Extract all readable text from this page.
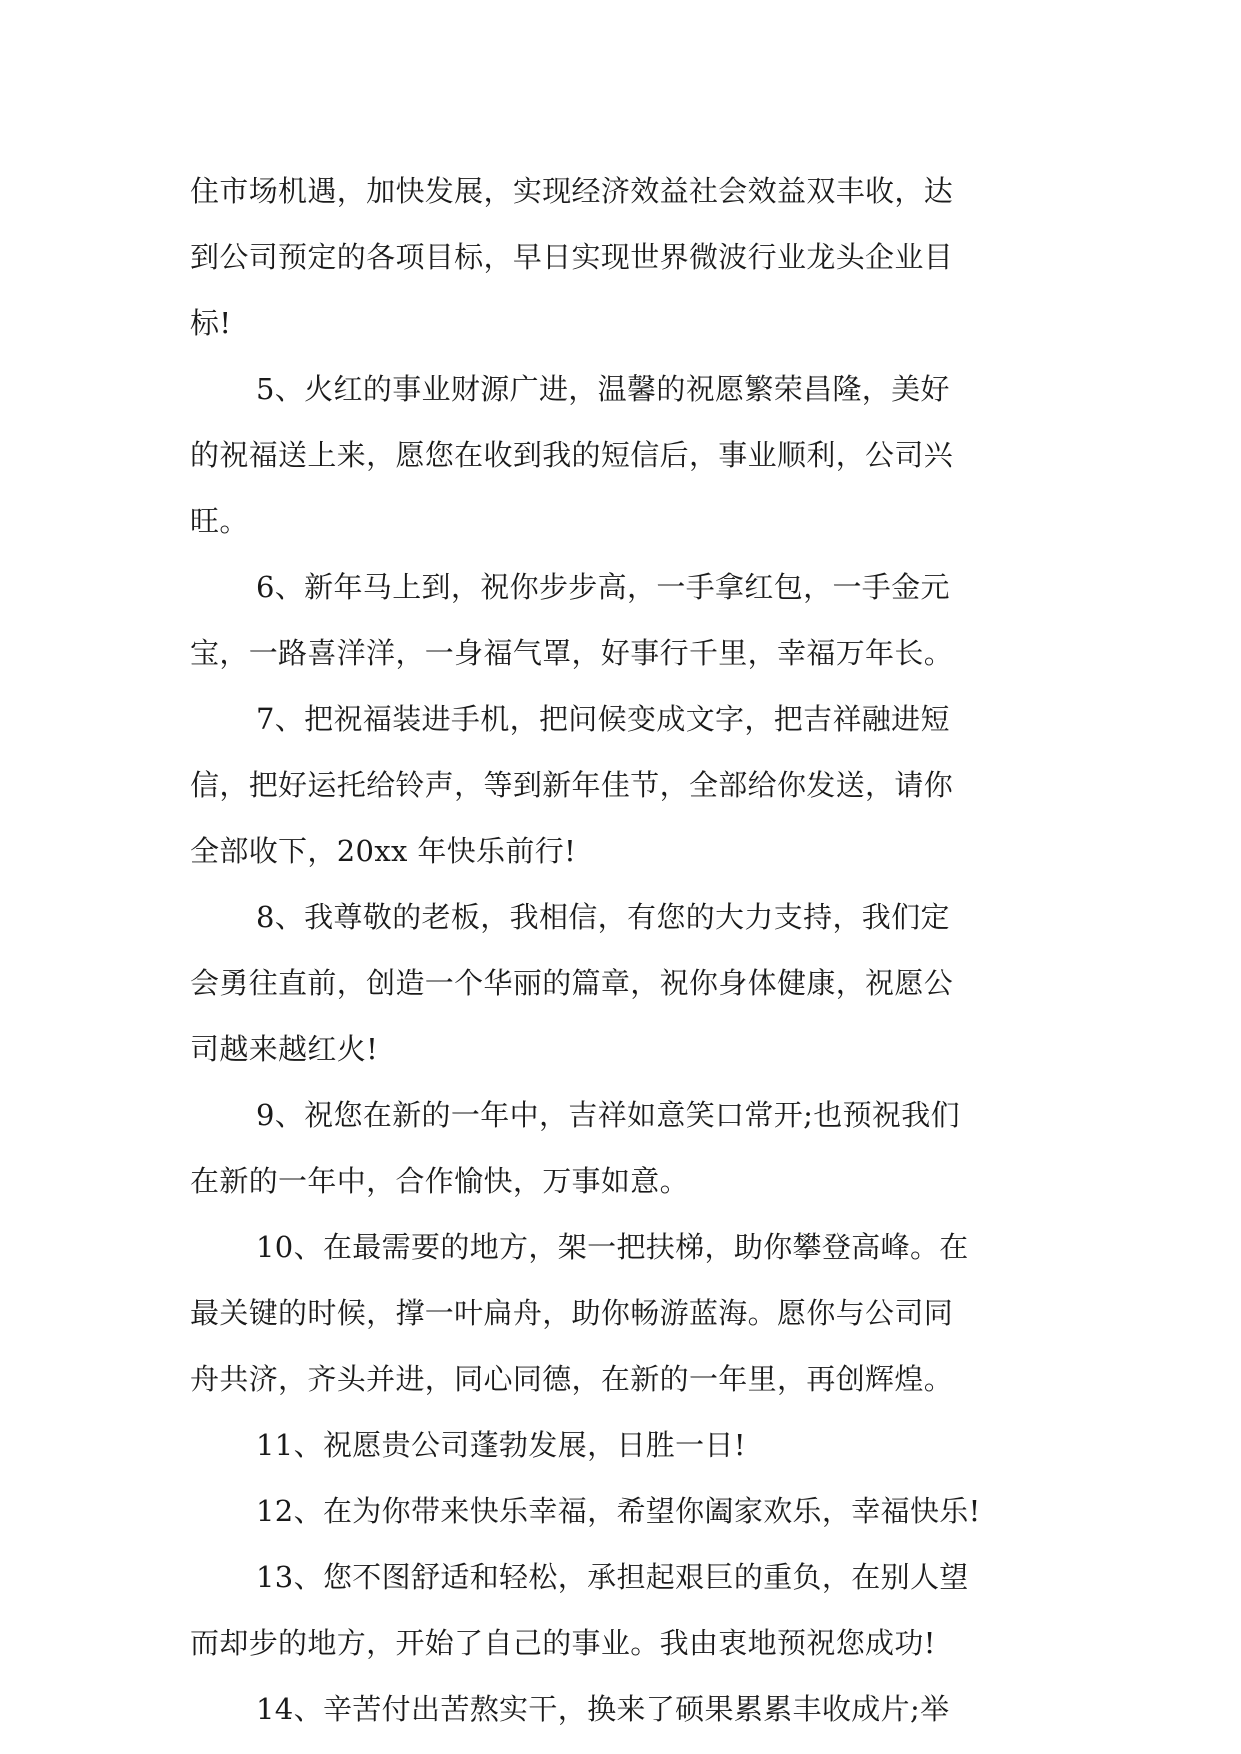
住市场机遇，加快发展，实现经济效益社会效益双丰收，达
到公司预定的各项目标，早日实现世界微波行业龙头企业目
标!
5、火红的事业财源广进，温馨的祝愿繁荣昌隆，美好
的祝福送上来，愿您在收到我的短信后，事业顺利，公司兴
旺。
6、新年马上到，祝你步步高，一手拿红包，一手金元
宝，一路喜洋洋，一身福气罩，好事行千里，幸福万年长。
7、把祝福装进手机，把问候变成文字，把吉祥融进短
信，把好运托给铃声，等到新年佳节，全部给你发送，请你
全部收下，20xx 年快乐前行!
8、我尊敬的老板，我相信，有您的大力支持，我们定
会勇往直前，创造一个华丽的篇章，祝你身体健康，祝愿公
司越来越红火!
9、祝您在新的一年中，吉祥如意笑口常开;也预祝我们
在新的一年中，合作愉快，万事如意。
10、在最需要的地方，架一把扶梯，助你攀登高峰。在
最关键的时候，撑一叶扁舟，助你畅游蓝海。愿你与公司同
舟共济，齐头并进，同心同德，在新的一年里，再创辉煌。
11、祝愿贵公司蓬勃发展，日胜一日!
12、在为你带来快乐幸福，希望你阖家欢乐，幸福快乐!
13、您不图舒适和轻松，承担起艰巨的重负，在别人望
而却步的地方，开始了自己的事业。我由衷地预祝您成功!
14、辛苦付出苦熬实干，换来了硕果累累丰收成片;举
